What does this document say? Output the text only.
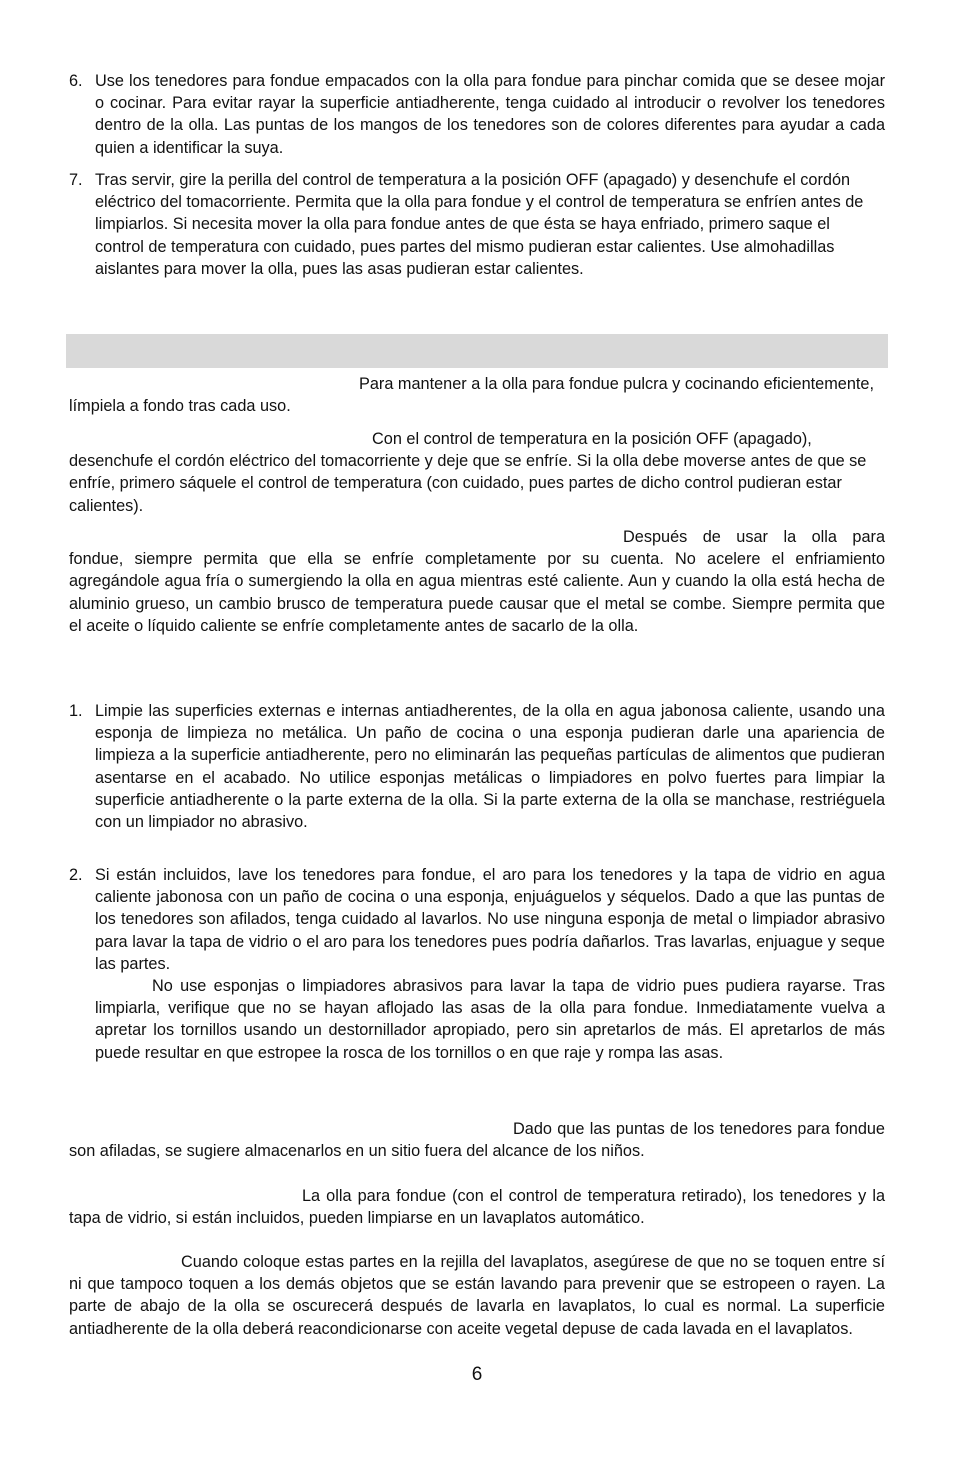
6. Use los tenedores para fondue empacados con la olla para fondue para pinchar comida que se desee mojar o cocinar. Para evitar rayar la superficie antiadherente, tenga cuidado al introducir o revolver los tenedores dentro de la olla. Las puntas de los mangos de los tenedores son de colores diferentes para ayudar a cada quien a identificar la suya.
7. Tras servir, gire la perilla del control de temperatura a la posición OFF (apagado) y desenchufe el cordón eléctrico del tomacorriente. Permita que la olla para fondue y el control de temperatura se enfríen antes de limpiarlos. Si necesita mover la olla para fondue antes de que ésta se haya enfriado, primero saque el control de temperatura con cuidado, pues partes del mismo pudieran estar calientes. Use almohadillas aislantes para mover la olla, pues las asas pudieran estar calientes.
Para mantener a la olla para fondue pulcra y cocinando eficientemente, límpiela a fondo tras cada uso.
Con el control de temperatura en la posición OFF (apagado), desenchufe el cordón eléctrico del tomacorriente y deje que se enfríe. Si la olla debe moverse antes de que se enfríe, primero sáquele el control de temperatura (con cuidado, pues partes de dicho control pudieran estar calientes).
Después de usar la olla para fondue, siempre permita que ella se enfríe completamente por su cuenta. No acelere el enfriamiento agregándole agua fría o sumergiendo la olla en agua mientras esté caliente. Aun y cuando la olla está hecha de aluminio grueso, un cambio brusco de temperatura puede causar que el metal se combe. Siempre permita que el aceite o líquido caliente se enfríe completamente antes de sacarlo de la olla.
1. Limpie las superficies externas e internas antiadherentes, de la olla en agua jabonosa caliente, usando una esponja de limpieza no metálica. Un paño de cocina o una esponja pudieran darle una apariencia de limpieza a la superficie antiadherente, pero no eliminarán las pequeñas partículas de alimentos que pudieran asentarse en el acabado. No utilice esponjas metálicas o limpiadores en polvo fuertes para limpiar la superficie antiadherente o la parte externa de la olla. Si la parte externa de la olla se manchase, restriéguela con un limpiador no abrasivo.
2. Si están incluidos, lave los tenedores para fondue, el aro para los tenedores y la tapa de vidrio en agua caliente jabonosa con un paño de cocina o una esponja, enjuáguelos y séquelos. Dado a que las puntas de los tenedores son afilados, tenga cuidado al lavarlos. No use ninguna esponja de metal o limpiador abrasivo para lavar la tapa de vidrio o el aro para los tenedores pues podría dañarlos. Tras lavarlas, enjuague y seque las partes.
No use esponjas o limpiadores abrasivos para lavar la tapa de vidrio pues pudiera rayarse. Tras limpiarla, verifique que no se hayan aflojado las asas de la olla para fondue. Inmediatamente vuelva a apretar los tornillos usando un destornillador apropiado, pero sin apretarlos de más. El apretarlos de más puede resultar en que estropee la rosca de los tornillos o en que raje y rompa las asas.
Dado que las puntas de los tenedores para fondue son afiladas, se sugiere almacenarlos en un sitio fuera del alcance de los niños.
La olla para fondue (con el control de temperatura retirado), los tenedores y la tapa de vidrio, si están incluidos, pueden limpiarse en un lavaplatos automático.
Cuando coloque estas partes en la rejilla del lavaplatos, asegúrese de que no se toquen entre sí ni que tampoco toquen a los demás objetos que se están lavando para prevenir que se estropeen o rayen. La parte de abajo de la olla se oscurecerá después de lavarla en lavaplatos, lo cual es normal. La superficie antiadherente de la olla deberá reacondicionarse con aceite vegetal depuse de cada lavada en el lavaplatos.
6
